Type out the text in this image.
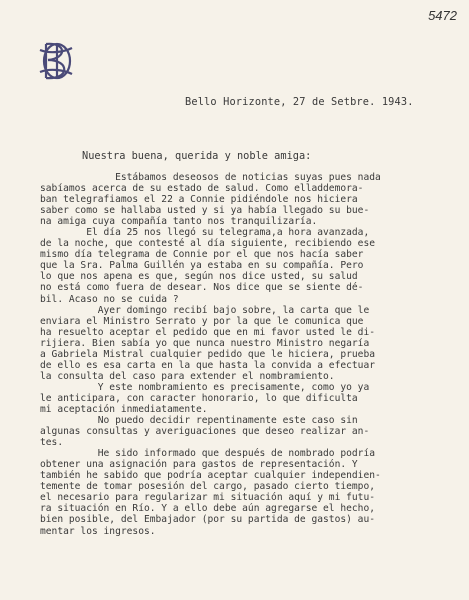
5472
Bello Horizonte, 27 de Setbre. 1943.
Nuestra buena, querida y noble amiga:
Estábamos deseosos de noticias suyas pues nada
sabíamos acerca de su estado de salud. Como elladdemora-
ban telegrafiamos el 22 a Connie pidiéndole nos hiciera
saber como se hallaba usted y si ya había llegado su bue-
na amiga cuya compañía tanto nos tranquilizaría.
El día 25 nos llegó su telegrama,a hora avanzada,
de la noche, que contesté al día siguiente, recibiendo ese
mismo día telegrama de Connie por el que nos hacía saber
que la Sra. Palma Guillén ya estaba en su compañía. Pero
lo que nos apena es que, según nos dice usted, su salud
no está como fuera de desear. Nos dice que se siente dé-
bil. Acaso no se cuida ?
Ayer domingo recibí bajo sobre, la carta que le
enviara el Ministro Serrato y por la que le comunica que
ha resuelto aceptar el pedido que en mi favor usted le di-
rijiera. Bien sabía yo que nunca nuestro Ministro negaría
a Gabriela Mistral cualquier pedido que le hiciera, prueba
de ello es esa carta en la que hasta la convida a efectuar
la consulta del caso para extender el nombramiento.
Y este nombramiento es precisamente, como yo ya
le anticipara, con caracter honorario, lo que dificulta
mi aceptación inmediatamente.
No puedo decidir repentinamente este caso sin
algunas consultas y averiguaciones que deseo realizar an-
tes.
He sido informado que después de nombrado podría
obtener una asignación para gastos de representación. Y
también he sabido que podría aceptar cualquier independien-
temente de tomar posesión del cargo, pasado cierto tiempo,
el necesario para regularizar mi situación aquí y mi futu-
ra situación en Río. Y a ello debe aún agregarse el hecho,
bien posible, del Embajador (por su partida de gastos) au-
mentar los ingresos.
